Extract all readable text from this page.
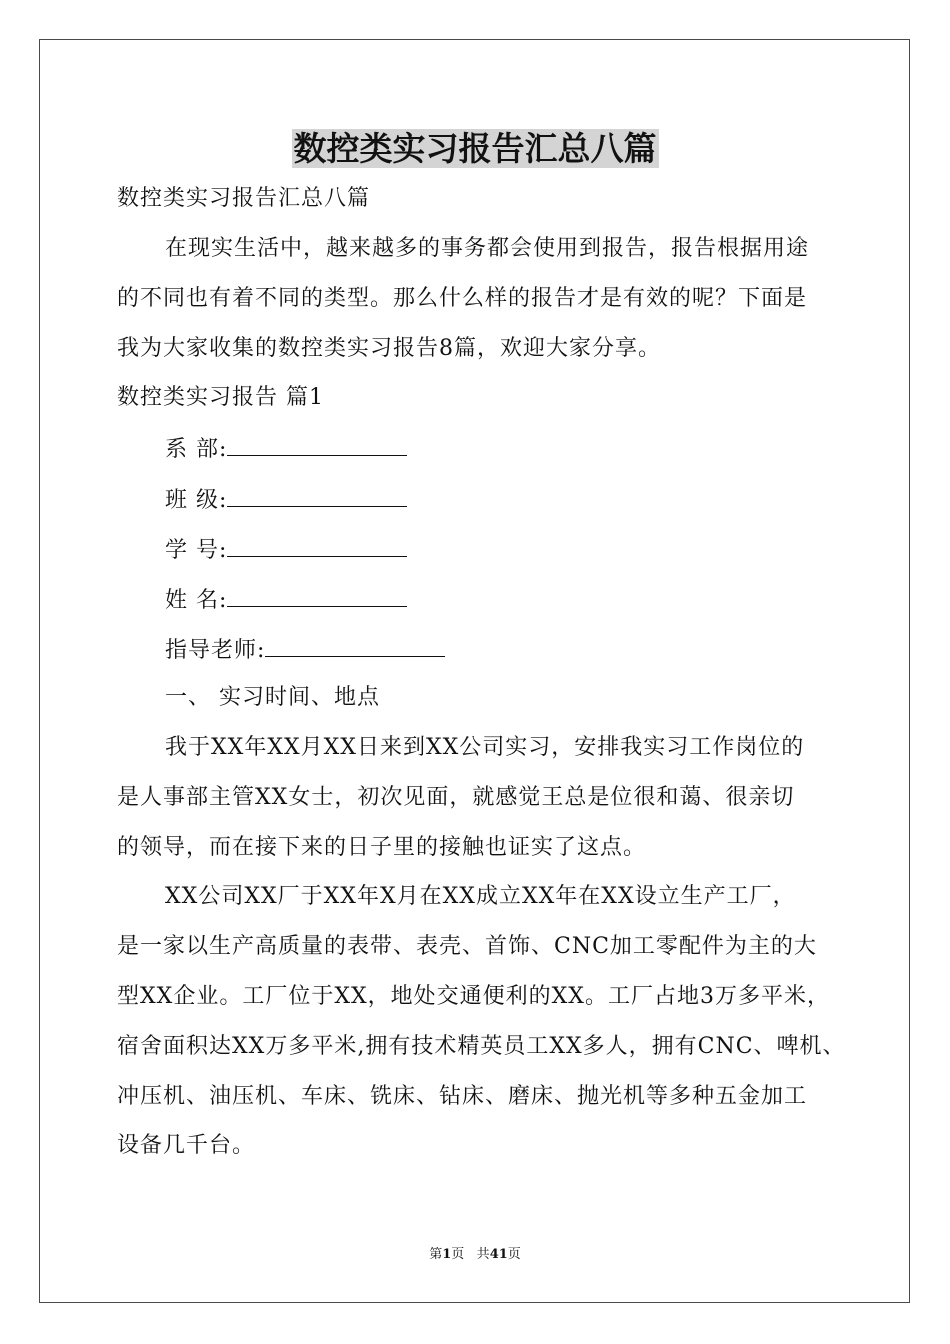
数控类实习报告汇总八篇
数控类实习报告汇总八篇
在现实生活中，越来越多的事务都会使用到报告，报告根据用途
的不同也有着不同的类型。那么什么样的报告才是有效的呢？下面是
我为大家收集的数控类实习报告8篇，欢迎大家分享。
数控类实习报告 篇1
系 部:
班 级:
学 号:
姓 名:
指导老师:
一、 实习时间、地点
我于XX年XX月XX日来到XX公司实习，安排我实习工作岗位的
是人事部主管XX女士，初次见面，就感觉王总是位很和蔼、很亲切
的领导，而在接下来的日子里的接触也证实了这点。
XX公司XX厂于XX年X月在XX成立XX年在XX设立生产工厂，
是一家以生产高质量的表带、表壳、首饰、CNC加工零配件为主的大
型XX企业。工厂位于XX，地处交通便利的XX。工厂占地3万多平米，
宿舍面积达XX万多平米,拥有技术精英员工XX多人，拥有CNC、啤机、
冲压机、油压机、车床、铣床、钻床、磨床、抛光机等多种五金加工
设备几千台。
第1页 共41页
